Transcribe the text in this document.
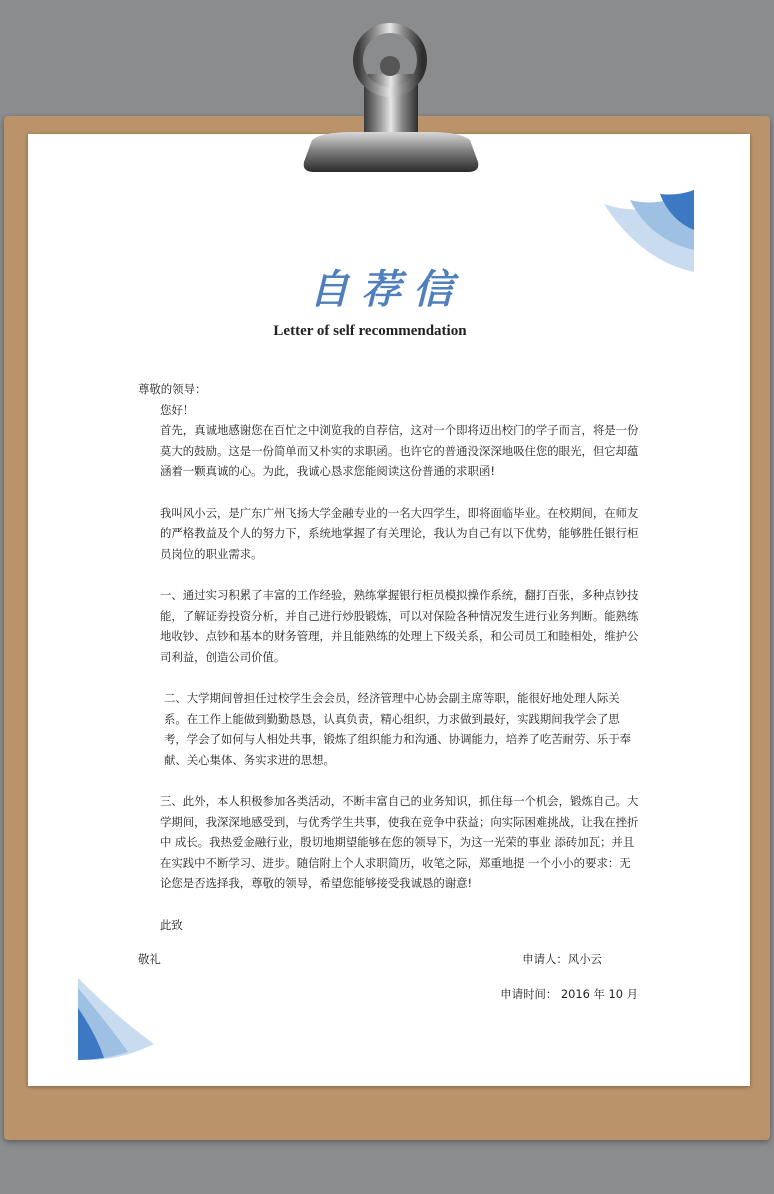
自荐信
Letter of self recommendation

尊敬的领导：

您好！

首先，真诚地感谢您在百忙之中浏览我的自荐信，这对一个即将迈出校门的学子而言，将是一份莫大的鼓励。这是一份简单而又朴实的求职函。也许它的普通没深深地吸住您的眼光，但它却蕴涵着一颗真诚的心。为此，我诚心恳求您能阅读这份普通的求职函!

我叫风小云，是广东广州飞扬大学金融专业的一名大四学生，即将面临毕业。在校期间，在师友的严格教益及个人的努力下，系统地掌握了有关理论，我认为自己有以下优势，能够胜任银行柜员岗位的职业需求。

一、通过实习积累了丰富的工作经验，熟练掌握银行柜员模拟操作系统，翻打百张，多种点钞技能，了解证券投资分析，并自己进行炒股锻炼，可以对保险各种情况发生进行业务判断。能熟练地收钞、点钞和基本的财务管理，并且能熟练的处理上下级关系，和公司员工和睦相处，维护公司利益，创造公司价值。

二、大学期间曾担任过校学生会会员，经济管理中心协会副主席等职，能很好地处理人际关系。在工作上能做到勤勤恳恳，认真负责，精心组织，力求做到最好，实践期间我学会了思考，学会了如何与人相处共事，锻炼了组织能力和沟通、协调能力，培养了吃苦耐劳、乐于奉献、关心集体、务实求进的思想。

三、此外，本人积极参加各类活动，不断丰富自己的业务知识，抓住每一个机会，锻炼自己。大学期间，我深深地感受到，与优秀学生共事，使我在竞争中获益；向实际困难挑战，让我在挫折中 成长。我热爱金融行业，殷切地期望能够在您的领导下，为这一光荣的事业 添砖加瓦；并且在实践中不断学习、进步。随信附上个人求职简历，收笔之际，郑重地提 一个小小的要求：无论您是否选择我，尊敬的领导，希望您能够接受我诚恳的谢意!

此致

敬礼	申请人：风小云

申请时间： 2016 年 10 月
